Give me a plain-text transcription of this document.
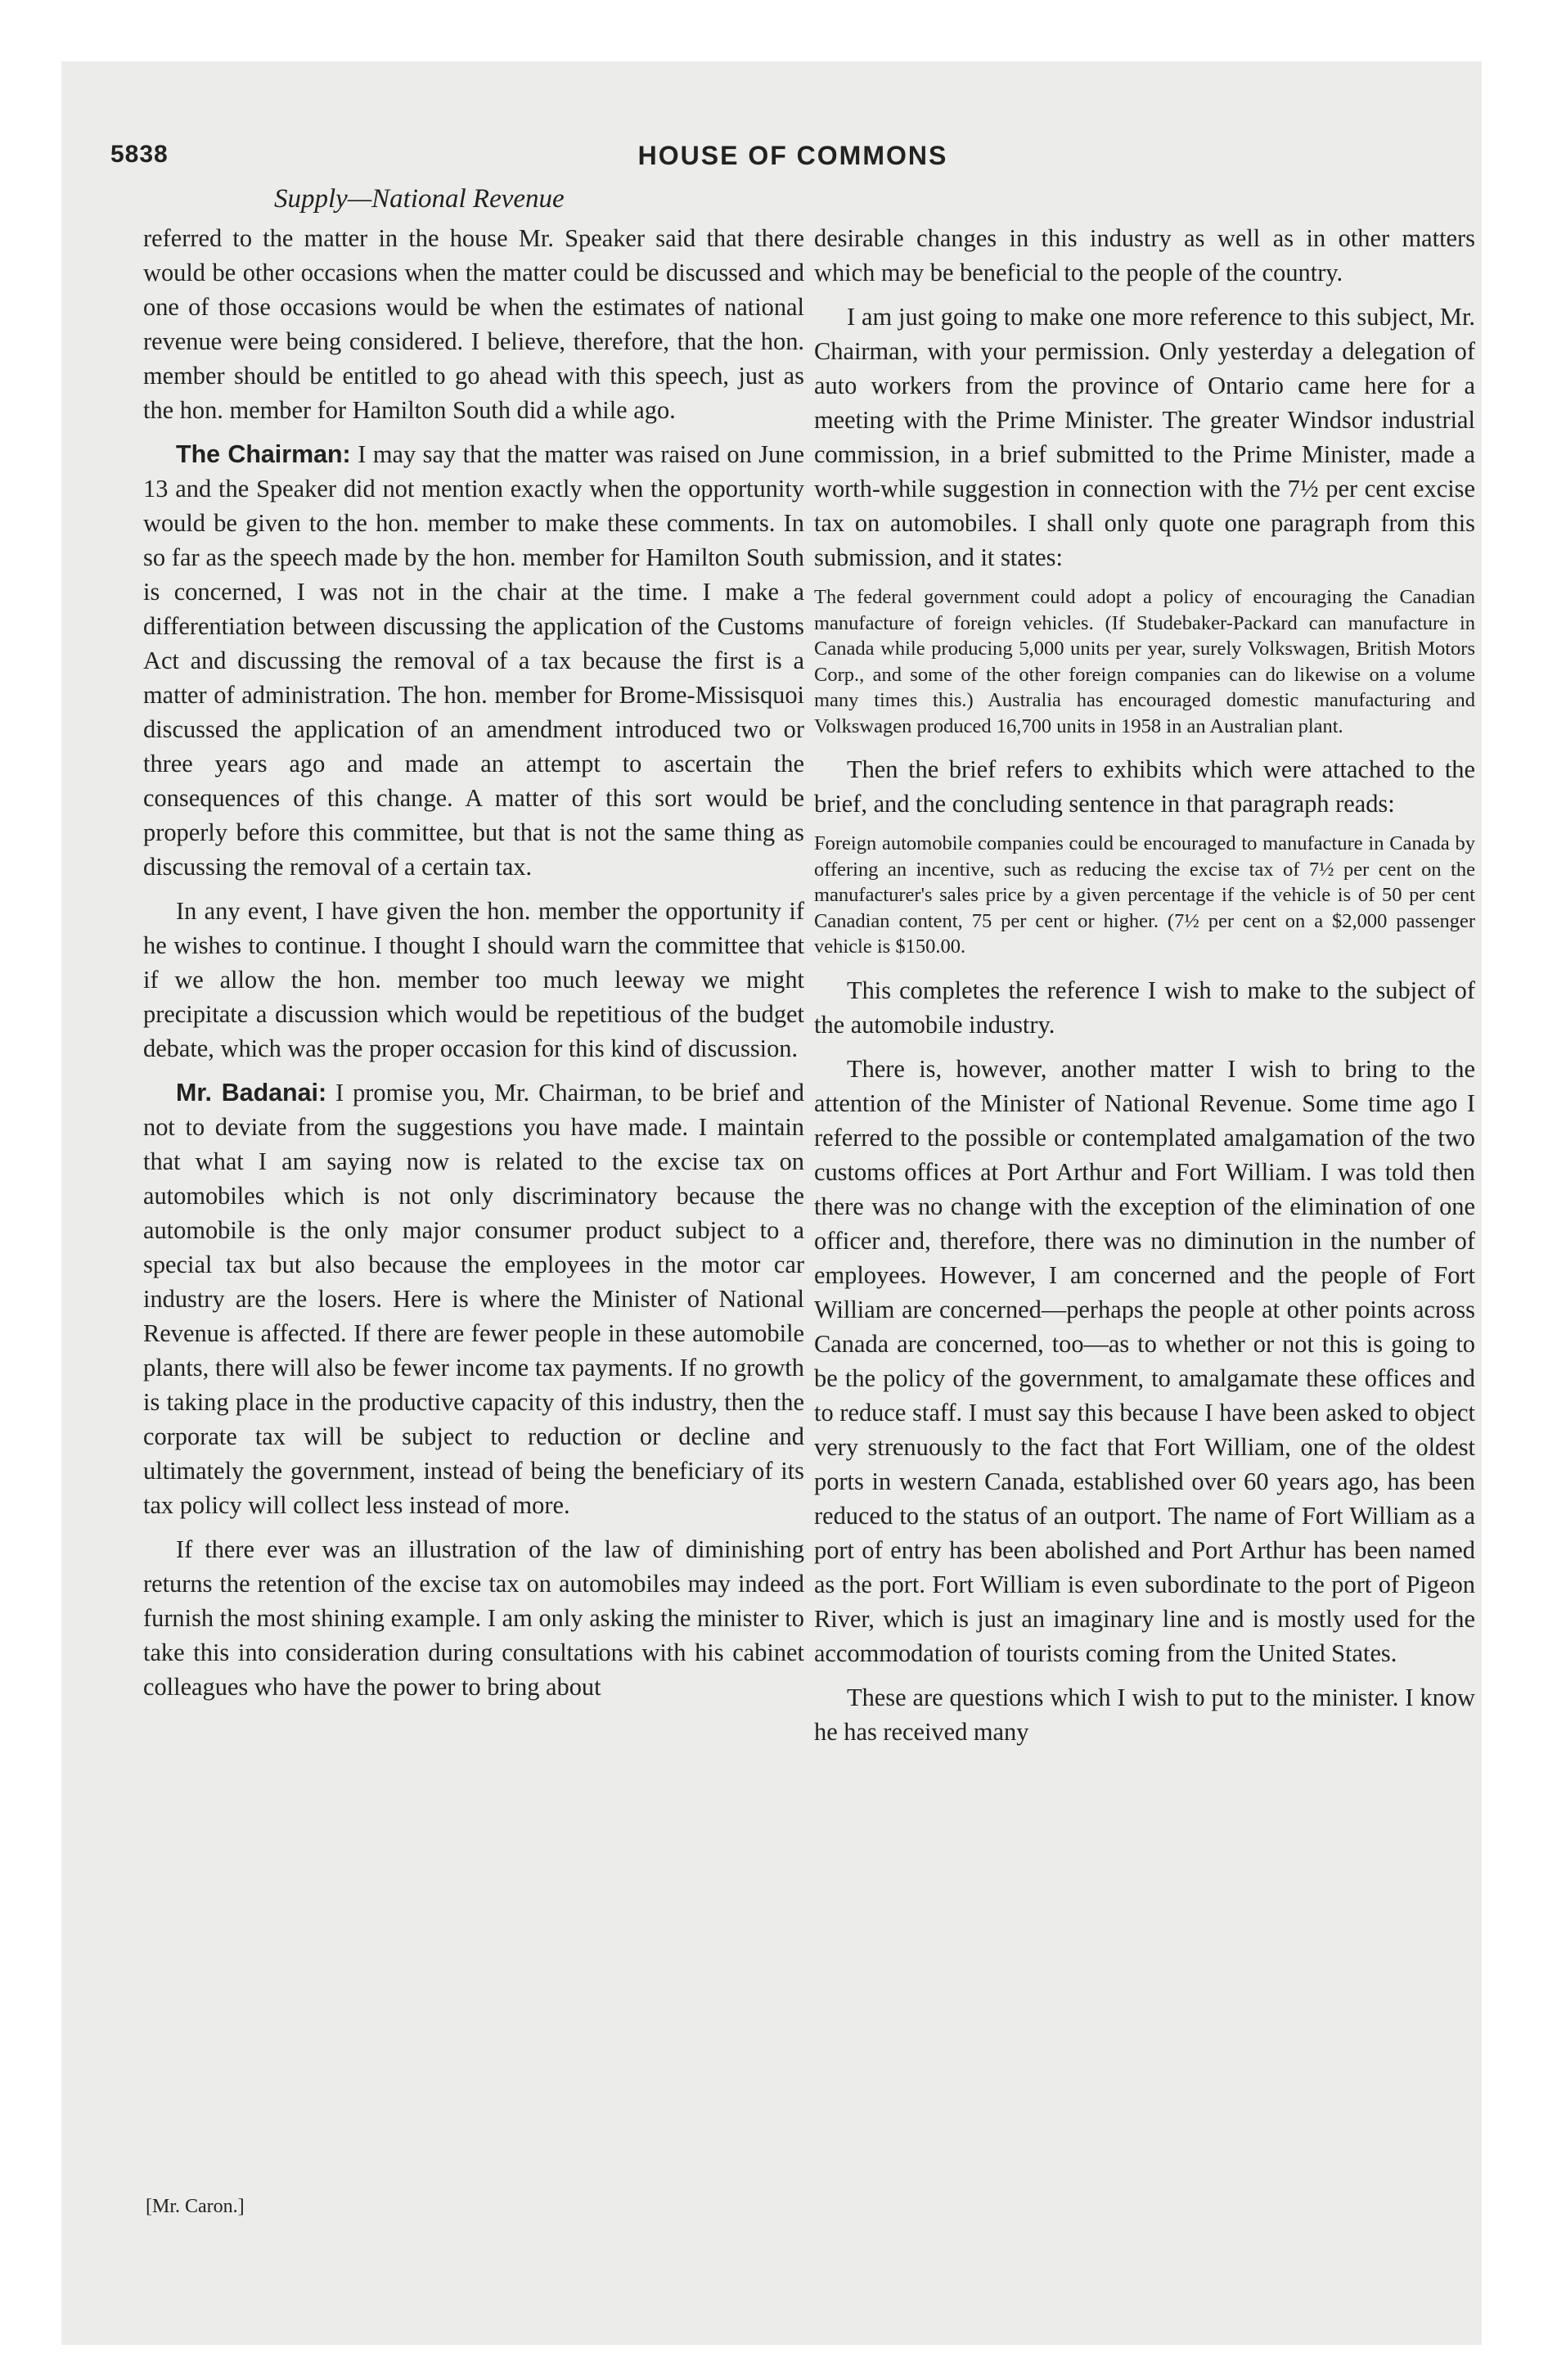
5838	HOUSE OF COMMONS
Supply—National Revenue

referred to the matter in the house Mr. Speaker said that there would be other occasions when the matter could be discussed and one of those occasions would be when the estimates of national revenue were being considered. I believe, therefore, that the hon. member should be entitled to go ahead with this speech, just as the hon. member for Hamilton South did a while ago.

The Chairman: I may say that the matter was raised on June 13 and the Speaker did not mention exactly when the opportunity would be given to the hon. member to make these comments. In so far as the speech made by the hon. member for Hamilton South is concerned, I was not in the chair at the time. I make a differentiation between discussing the application of the Customs Act and discussing the removal of a tax because the first is a matter of administration. The hon. member for Brome-Missisquoi discussed the application of an amendment introduced two or three years ago and made an attempt to ascertain the consequences of this change. A matter of this sort would be properly before this committee, but that is not the same thing as discussing the removal of a certain tax.

In any event, I have given the hon. member the opportunity if he wishes to continue. I thought I should warn the committee that if we allow the hon. member too much leeway we might precipitate a discussion which would be repetitious of the budget debate, which was the proper occasion for this kind of discussion.

Mr. Badanai: I promise you, Mr. Chairman, to be brief and not to deviate from the suggestions you have made. I maintain that what I am saying now is related to the excise tax on automobiles which is not only discriminatory because the automobile is the only major consumer product subject to a special tax but also because the employees in the motor car industry are the losers. Here is where the Minister of National Revenue is affected. If there are fewer people in these automobile plants, there will also be fewer income tax payments. If no growth is taking place in the productive capacity of this industry, then the corporate tax will be subject to reduction or decline and ultimately the government, instead of being the beneficiary of its tax policy will collect less instead of more.

If there ever was an illustration of the law of diminishing returns the retention of the excise tax on automobiles may indeed furnish the most shining example. I am only asking the minister to take this into consideration during consultations with his cabinet colleagues who have the power to bring about

desirable changes in this industry as well as in other matters which may be beneficial to the people of the country.

I am just going to make one more reference to this subject, Mr. Chairman, with your permission. Only yesterday a delegation of auto workers from the province of Ontario came here for a meeting with the Prime Minister. The greater Windsor industrial commission, in a brief submitted to the Prime Minister, made a worth-while suggestion in connection with the 7½ per cent excise tax on automobiles. I shall only quote one paragraph from this submission, and it states:

The federal government could adopt a policy of encouraging the Canadian manufacture of foreign vehicles. (If Studebaker-Packard can manufacture in Canada while producing 5,000 units per year, surely Volkswagen, British Motors Corp., and some of the other foreign companies can do likewise on a volume many times this.) Australia has encouraged domestic manufacturing and Volkswagen produced 16,700 units in 1958 in an Australian plant.

Then the brief refers to exhibits which were attached to the brief, and the concluding sentence in that paragraph reads:

Foreign automobile companies could be encouraged to manufacture in Canada by offering an incentive, such as reducing the excise tax of 7½ per cent on the manufacturer's sales price by a given percentage if the vehicle is of 50 per cent Canadian content, 75 per cent or higher. (7½ per cent on a $2,000 passenger vehicle is $150.00.

This completes the reference I wish to make to the subject of the automobile industry.

There is, however, another matter I wish to bring to the attention of the Minister of National Revenue. Some time ago I referred to the possible or contemplated amalgamation of the two customs offices at Port Arthur and Fort William. I was told then there was no change with the exception of the elimination of one officer and, therefore, there was no diminution in the number of employees. However, I am concerned and the people of Fort William are concerned—perhaps the people at other points across Canada are concerned, too—as to whether or not this is going to be the policy of the government, to amalgamate these offices and to reduce staff. I must say this because I have been asked to object very strenuously to the fact that Fort William, one of the oldest ports in western Canada, established over 60 years ago, has been reduced to the status of an outport. The name of Fort William as a port of entry has been abolished and Port Arthur has been named as the port. Fort William is even subordinate to the port of Pigeon River, which is just an imaginary line and is mostly used for the accommodation of tourists coming from the United States.

These are questions which I wish to put to the minister. I know he has received many

[Mr. Caron.]
